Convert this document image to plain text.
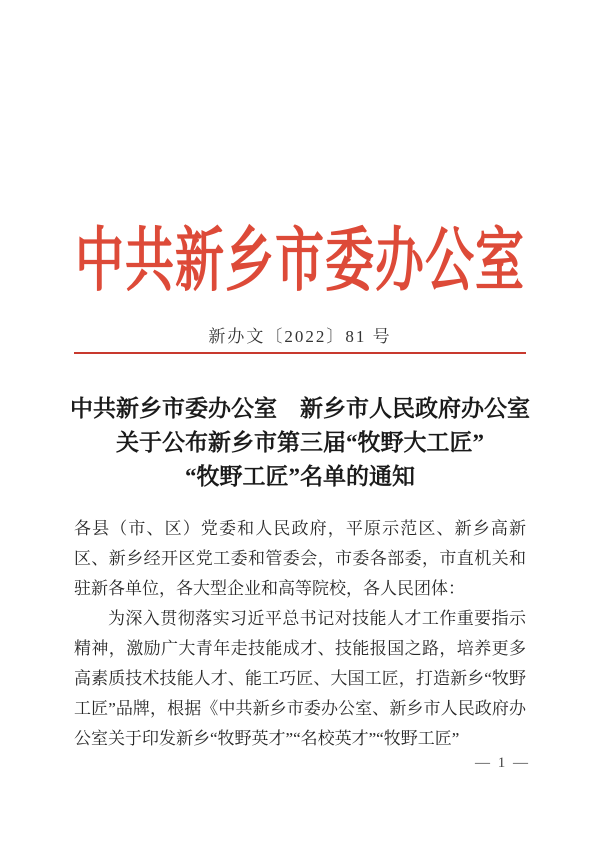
中共新乡市委办公室
新办文〔2022〕81 号
中共新乡市委办公室　新乡市人民政府办公室
关于公布新乡市第三届“牧野大工匠”
“牧野工匠”名单的通知

各县（市、区）党委和人民政府，平原示范区、新乡高新区、新乡经开区党工委和管委会，市委各部委，市直机关和驻新各单位，各大型企业和高等院校，各人民团体：

为深入贯彻落实习近平总书记对技能人才工作重要指示精神，激励广大青年走技能成才、技能报国之路，培养更多高素质技术技能人才、能工巧匠、大国工匠，打造新乡“牧野工匠”品牌，根据《中共新乡市委办公室、新乡市人民政府办公室关于印发新乡“牧野英才”“名校英才”“牧野工匠”

— 1 —
